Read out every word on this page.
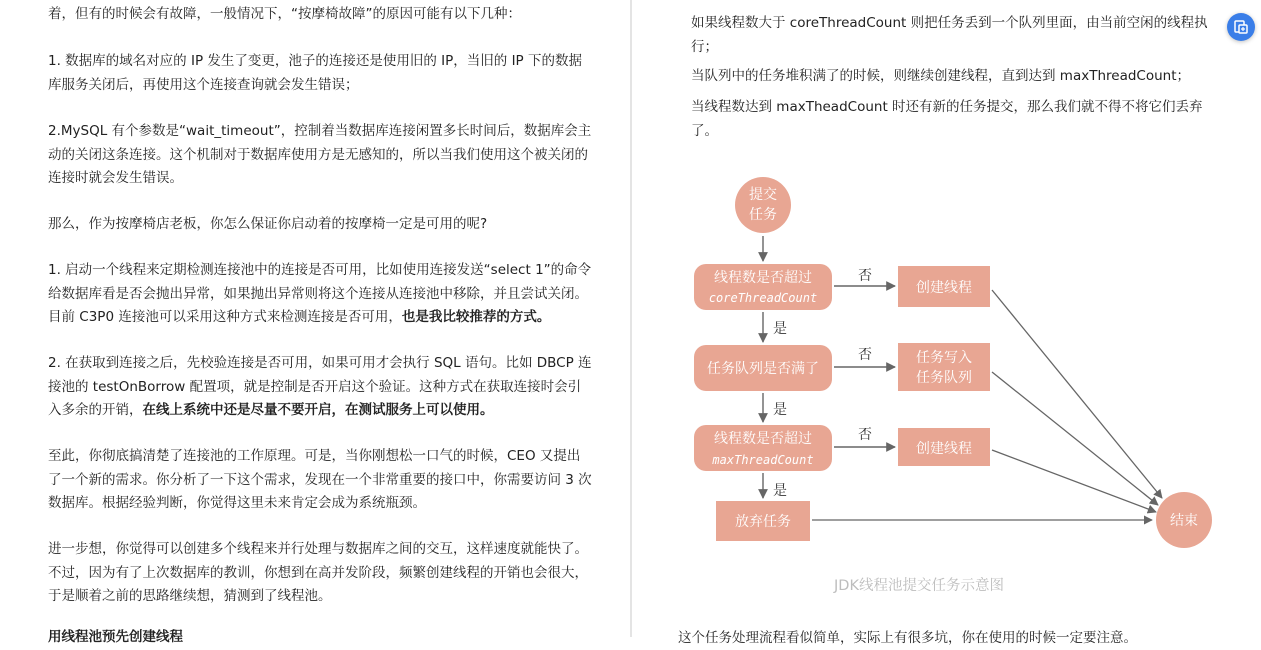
着，但有的时候会有故障，一般情况下，“按摩椅故障”的原因可能有以下几种：

1. 数据库的域名对应的 IP 发生了变更，池子的连接还是使用旧的 IP，当旧的 IP 下的数据库服务关闭后，再使用这个连接查询就会发生错误；

2.MySQL 有个参数是“wait_timeout”，控制着当数据库连接闲置多长时间后，数据库会主动的关闭这条连接。这个机制对于数据库使用方是无感知的，所以当我们使用这个被关闭的连接时就会发生错误。

那么，作为按摩椅店老板，你怎么保证你启动着的按摩椅一定是可用的呢?

1. 启动一个线程来定期检测连接池中的连接是否可用，比如使用连接发送“select 1”的命令给数据库看是否会抛出异常，如果抛出异常则将这个连接从连接池中移除，并且尝试关闭。目前 C3P0 连接池可以采用这种方式来检测连接是否可用，也是我比较推荐的方式。

2. 在获取到连接之后，先校验连接是否可用，如果可用才会执行 SQL 语句。比如 DBCP 连接池的 testOnBorrow 配置项，就是控制是否开启这个验证。这种方式在获取连接时会引入多余的开销，在线上系统中还是尽量不要开启，在测试服务上可以使用。

至此，你彻底搞清楚了连接池的工作原理。可是，当你刚想松一口气的时候，CEO 又提出了一个新的需求。你分析了一下这个需求，发现在一个非常重要的接口中，你需要访问 3 次数据库。根据经验判断，你觉得这里未来肯定会成为系统瓶颈。

进一步想，你觉得可以创建多个线程来并行处理与数据库之间的交互，这样速度就能快了。不过，因为有了上次数据库的教训，你想到在高并发阶段，频繁创建线程的开销也会很大，于是顺着之前的思路继续想，猜测到了线程池。

用线程池预先创建线程

如果线程数大于 coreThreadCount 则把任务丢到一个队列里面，由当前空闲的线程执行；

当队列中的任务堆积满了的时候，则继续创建线程，直到达到 maxThreadCount；

当线程数达到 maxTheadCount 时还有新的任务提交，那么我们就不得不将它们丢弃了。

提交
任务
线程数是否超过
coreThreadCount
任务队列是否满了
线程数是否超过
maxThreadCount
放弃任务
创建线程
任务写入
任务队列
创建线程
结束
否
否
否
是
是
是
JDK线程池提交任务示意图
这个任务处理流程看似简单，实际上有很多坑，你在使用的时候一定要注意。
